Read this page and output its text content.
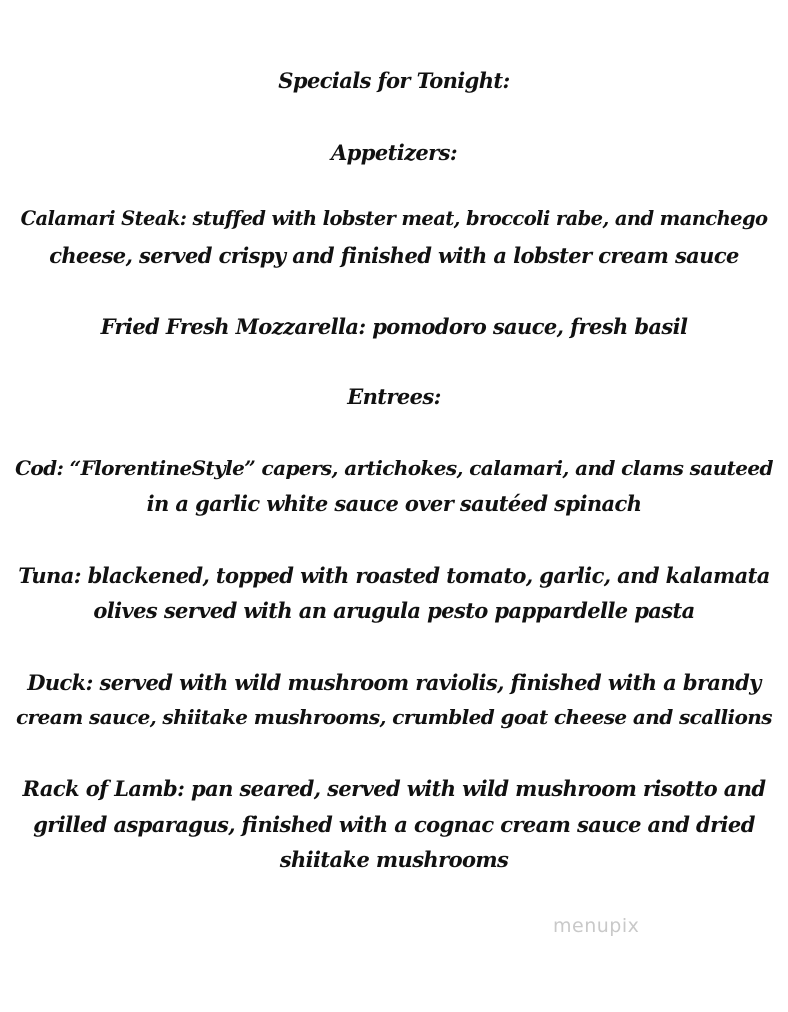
Specials for Tonight:
Appetizers:
Calamari Steak: stuffed with lobster meat, broccoli rabe, and manchego
cheese, served crispy and finished with a lobster cream sauce
Fried Fresh Mozzarella: pomodoro sauce, fresh basil
Entrees:
Cod: “FlorentineStyle” capers, artichokes, calamari, and clams sauteed
in a garlic white sauce over sautéed spinach
Tuna: blackened, topped with roasted tomato, garlic, and kalamata
olives served with an arugula pesto pappardelle pasta
Duck: served with wild mushroom raviolis, finished with a brandy
cream sauce, shiitake mushrooms, crumbled goat cheese and scallions
Rack of Lamb: pan seared, served with wild mushroom risotto and
grilled asparagus, finished with a cognac cream sauce and dried
shiitake mushrooms
menupix
